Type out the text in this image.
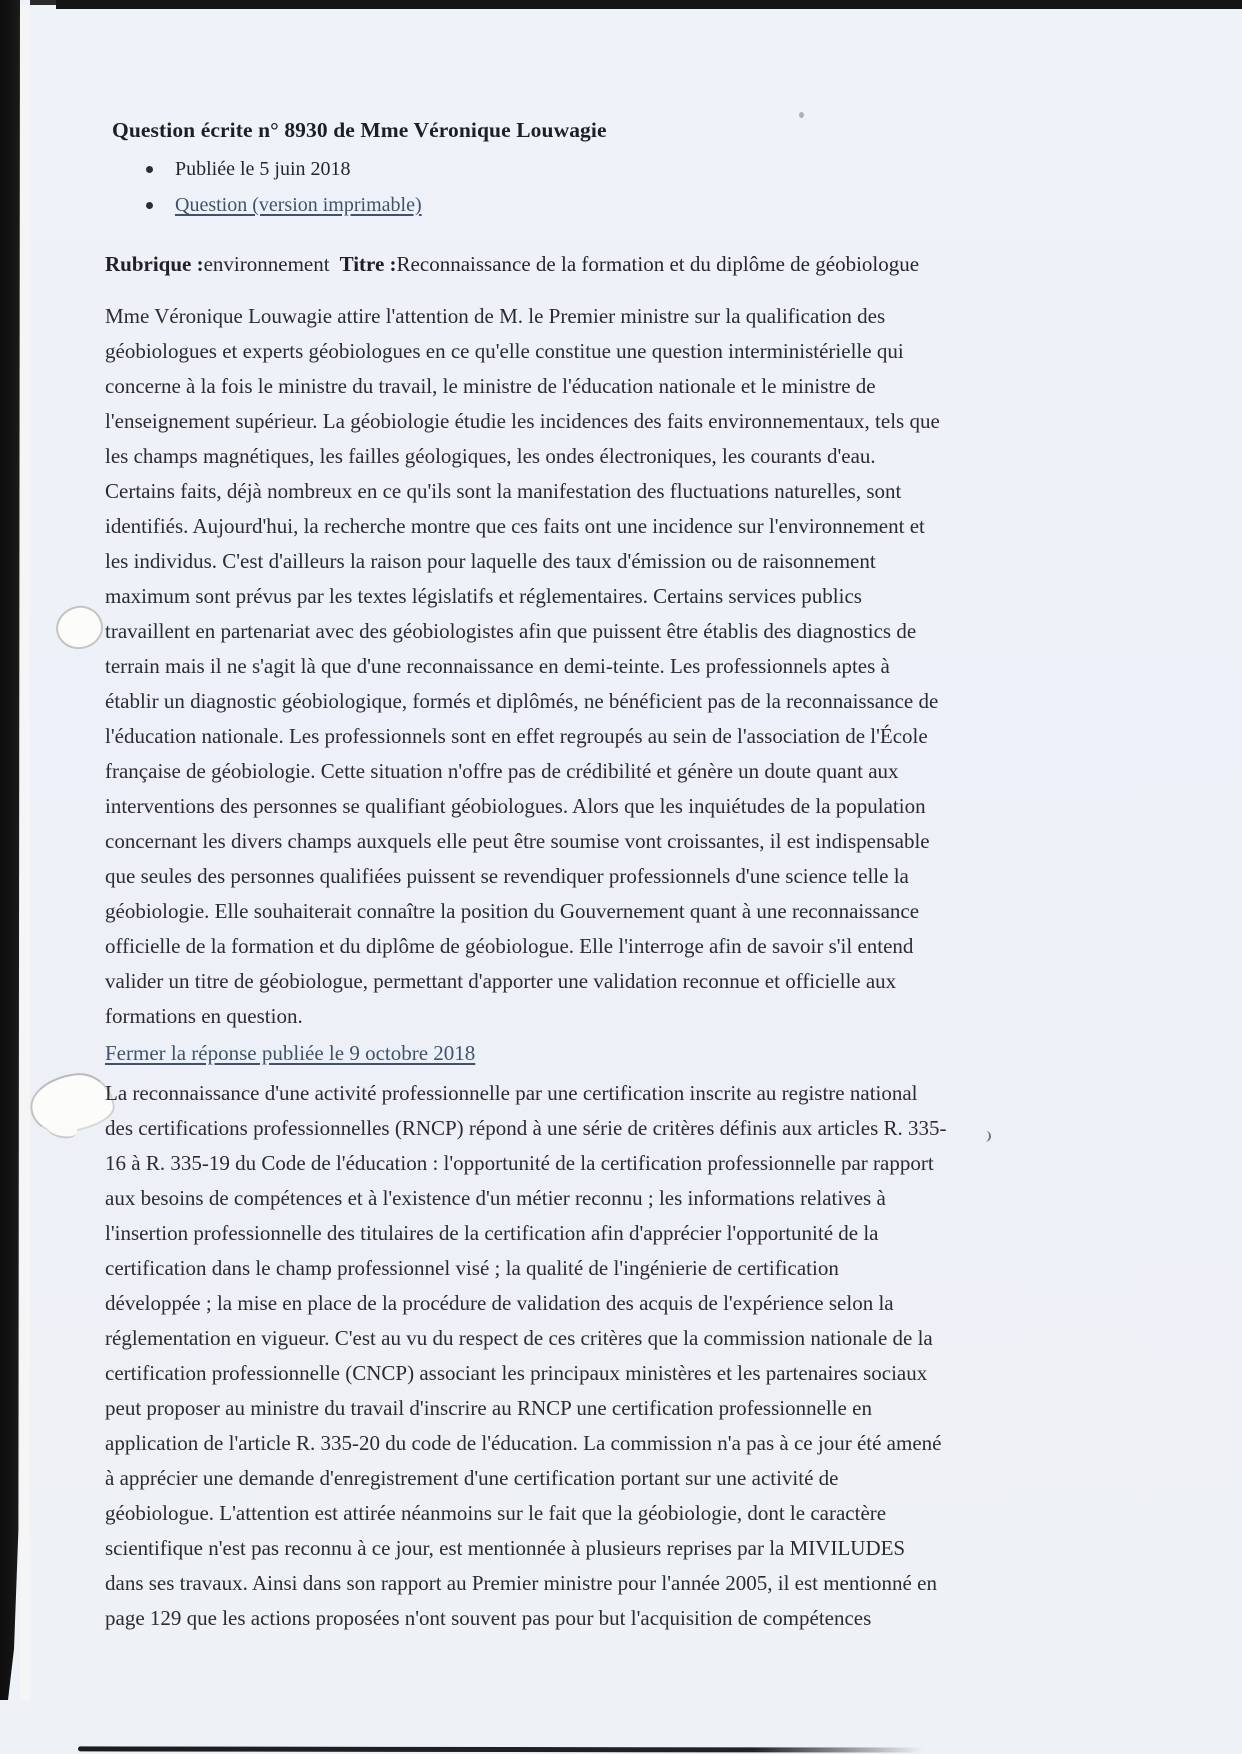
Question écrite n° 8930 de Mme Véronique Louwagie
Publiée le 5 juin 2018
Question (version imprimable)
Rubrique :environnement Titre :Reconnaissance de la formation et du diplôme de géobiologue
Mme Véronique Louwagie attire l'attention de M. le Premier ministre sur la qualification des
géobiologues et experts géobiologues en ce qu'elle constitue une question interministérielle qui
concerne à la fois le ministre du travail, le ministre de l'éducation nationale et le ministre de
l'enseignement supérieur. La géobiologie étudie les incidences des faits environnementaux, tels que
les champs magnétiques, les failles géologiques, les ondes électroniques, les courants d'eau.
Certains faits, déjà nombreux en ce qu'ils sont la manifestation des fluctuations naturelles, sont
identifiés. Aujourd'hui, la recherche montre que ces faits ont une incidence sur l'environnement et
les individus. C'est d'ailleurs la raison pour laquelle des taux d'émission ou de raisonnement
maximum sont prévus par les textes législatifs et réglementaires. Certains services publics
travaillent en partenariat avec des géobiologistes afin que puissent être établis des diagnostics de
terrain mais il ne s'agit là que d'une reconnaissance en demi-teinte. Les professionnels aptes à
établir un diagnostic géobiologique, formés et diplômés, ne bénéficient pas de la reconnaissance de
l'éducation nationale. Les professionnels sont en effet regroupés au sein de l'association de l'École
française de géobiologie. Cette situation n'offre pas de crédibilité et génère un doute quant aux
interventions des personnes se qualifiant géobiologues. Alors que les inquiétudes de la population
concernant les divers champs auxquels elle peut être soumise vont croissantes, il est indispensable
que seules des personnes qualifiées puissent se revendiquer professionnels d'une science telle la
géobiologie. Elle souhaiterait connaître la position du Gouvernement quant à une reconnaissance
officielle de la formation et du diplôme de géobiologue. Elle l'interroge afin de savoir s'il entend
valider un titre de géobiologue, permettant d'apporter une validation reconnue et officielle aux
formations en question.
Fermer la réponse publiée le 9 octobre 2018
La reconnaissance d'une activité professionnelle par une certification inscrite au registre national
des certifications professionnelles (RNCP) répond à une série de critères définis aux articles R. 335-
16 à R. 335-19 du Code de l'éducation : l'opportunité de la certification professionnelle par rapport
aux besoins de compétences et à l'existence d'un métier reconnu ; les informations relatives à
l'insertion professionnelle des titulaires de la certification afin d'apprécier l'opportunité de la
certification dans le champ professionnel visé ; la qualité de l'ingénierie de certification
développée ; la mise en place de la procédure de validation des acquis de l'expérience selon la
réglementation en vigueur. C'est au vu du respect de ces critères que la commission nationale de la
certification professionnelle (CNCP) associant les principaux ministères et les partenaires sociaux
peut proposer au ministre du travail d'inscrire au RNCP une certification professionnelle en
application de l'article R. 335-20 du code de l'éducation. La commission n'a pas à ce jour été amené
à apprécier une demande d'enregistrement d'une certification portant sur une activité de
géobiologue. L'attention est attirée néanmoins sur le fait que la géobiologie, dont le caractère
scientifique n'est pas reconnu à ce jour, est mentionnée à plusieurs reprises par la MIVILUDES
dans ses travaux. Ainsi dans son rapport au Premier ministre pour l'année 2005, il est mentionné en
page 129 que les actions proposées n'ont souvent pas pour but l'acquisition de compétences
